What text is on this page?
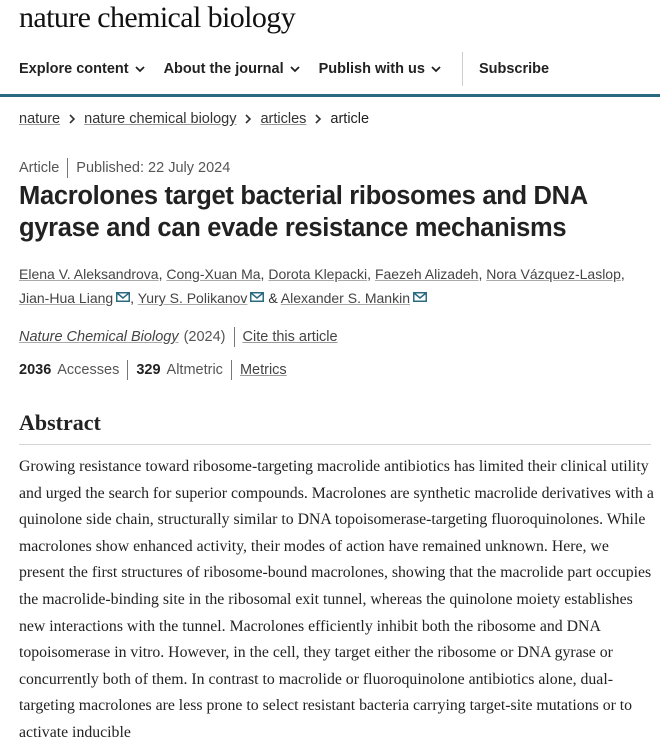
nature chemical biology
Explore content About the journal Publish with us	Subscribe
nature nature chemical biology articles article
Article Published: 22 July 2024
Macrolones target bacterial ribosomes and DNA gyrase and can evade resistance mechanisms
Elena V. Aleksandrova, Cong-Xuan Ma, Dorota Klepacki, Faezeh Alizadeh, Nora Vázquez-Laslop, Jian-Hua Liang , Yury S. Polikanov & Alexander S. Mankin
Nature Chemical Biology (2024) Cite this article
2036 Accesses 329 Altmetric Metrics
Abstract

Growing resistance toward ribosome-targeting macrolide antibiotics has limited their clinical utility and urged the search for superior compounds. Macrolones are synthetic macrolide derivatives with a quinolone side chain, structurally similar to DNA topoisomerase-targeting fluoroquinolones. While macrolones show enhanced activity, their modes of action have remained unknown. Here, we present the first structures of ribosome-bound macrolones, showing that the macrolide part occupies the macrolide-binding site in the ribosomal exit tunnel, whereas the quinolone moiety establishes new interactions with the tunnel. Macrolones efficiently inhibit both the ribosome and DNA topoisomerase in vitro. However, in the cell, they target either the ribosome or DNA gyrase or concurrently both of them. In contrast to macrolide or fluoroquinolone antibiotics alone, dual-targeting macrolones are less prone to select resistant bacteria carrying target-site mutations or to activate inducible
